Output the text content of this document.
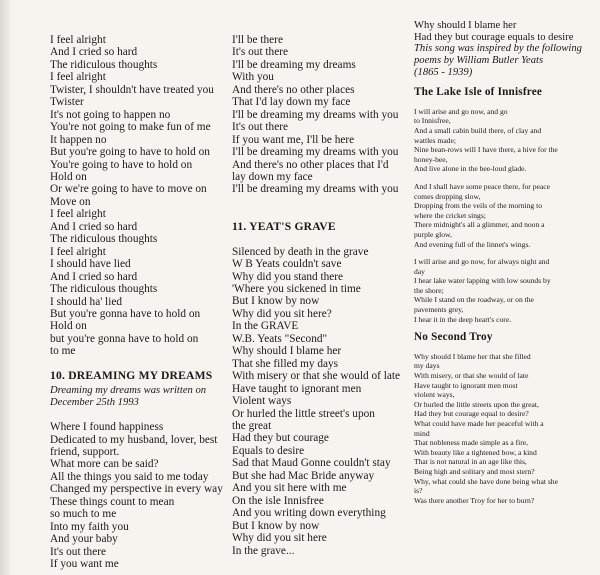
I feel alright
And I cried so hard
The ridiculous thoughts
I feel alright
Twister, I shouldn't have treated you
Twister
It's not going to happen no
You're not going to make fun of me
It happen no
But you're going to have to hold on
You're going to have to hold on
Hold on
Or we're going to have to move on
Move on
I feel alright
And I cried so hard
The ridiculous thoughts
I feel alright
I should have lied
And I cried so hard
The ridiculous thoughts
I should ha' lied
But you're gonna have to hold on
Hold on
but you're gonna have to hold on
to me
10. DREAMING MY DREAMS
Dreaming my dreams was written on
December 25th 1993
Where I found happiness
Dedicated to my husband, lover, best
friend, support.
What more can be said?
All the things you said to me today
Changed my perspective in every way
These things count to mean
so much to me
Into my faith you
And your baby
It's out there
If you want me
I'll be there
It's out there
I'll be dreaming my dreams
With you
And there's no other places
That I'd lay down my face
I'll be dreaming my dreams with you
It's out there
If you want me, I'll be here
I'll be dreaming my dreams with you
And there's no other places that I'd
lay down my face
I'll be dreaming my dreams with you
11. YEAT'S GRAVE
Silenced by death in the grave
W B Yeats couldn't save
Why did you stand there
'Where you sickened in time
But I know by now
Why did you sit here?
In the GRAVE
W.B. Yeats "Second"
Why should I blame her
That she filled my days
With misery or that she would of late
Have taught to ignorant men
Violent ways
Or hurled the little street's upon
the great
Had they but courage
Equals to desire
Sad that Maud Gonne couldn't stay
But she had Mac Bride anyway
And you sit here with me
On the isle Innisfree
And you writing down everything
But I know by now
Why did you sit here
In the grave...
Why should I blame her
Had they but courage equals to desire
This song was inspired by the following
poems by William Butler Yeats
(1865 - 1939)
The Lake Isle of Innisfree
I will arise and go now, and go
to Innisfree,
And a small cabin build there, of clay and
wattles made;
Nine bean-rows will I have there, a hive for the
honey-bee,
And live alone in the bee-loud glade.
And I shall have some peace there, for peace
comes dropping slow,
Dropping from the veils of the morning to
where the cricket sings;
There midnight's all a glimmer, and noon a
purple glow,
And evening full of the linnet's wings.
I will arise and go now, for always night and
day
I hear lake water lapping with low sounds by
the shore;
While I stand on the roadway, or on the
pavements grey,
I hear it in the deep heart's core.
No Second Troy
Why should I blame her that she filled
my days
With misery, or that she would of late
Have taught to ignorant men most
violent ways,
Or hurled the little streets upon the great,
Had they but courage equal to desire?
What could have made her peaceful with a
mind
That nobleness made simple as a fire,
With beauty like a tightened bow, a kind
That is not natural in an age like this,
Being high and solitary and most stern?
Why, what could she have done being what she
is?
Was there another Troy for her to burn?
